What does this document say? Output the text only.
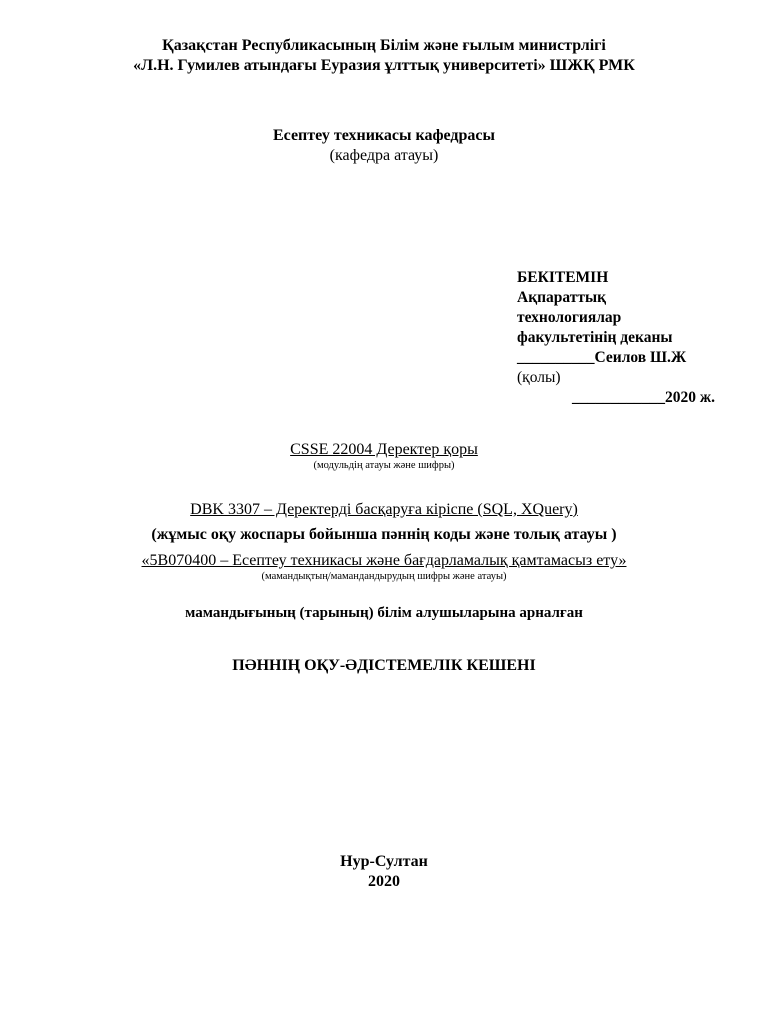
Қазақстан Республикасының Білім және ғылым министрлігі
«Л.Н. Гумилев атындағы Еуразия ұлттық университеті» ШЖҚ РМК
Есептеу техникасы кафедрасы
(кафедра атауы)
БЕКІТЕМІН
Ақпараттық
технологиялар
факультетінің деканы
__________Сеилов Ш.Ж
(қолы)
____________2020 ж.
CSSE 22004 Деректер қоры
(модульдің атауы және шифры)
DBK 3307 – Деректерді басқаруға кіріспе (SQL, XQuery)
(жұмыс оқу жоспары бойынша пәннің коды және толық атауы )
«5В070400 – Есептеу техникасы және бағдарламалық қамтамасыз ету»
(мамандықтың/мамандандырудың шифры және атауы)
мамандығының (тарының) білім алушыларына арналған
ПӘННІҢ ОҚУ-ӘДІСТЕМЕЛІК КЕШЕНІ
Нур-Султан
2020
